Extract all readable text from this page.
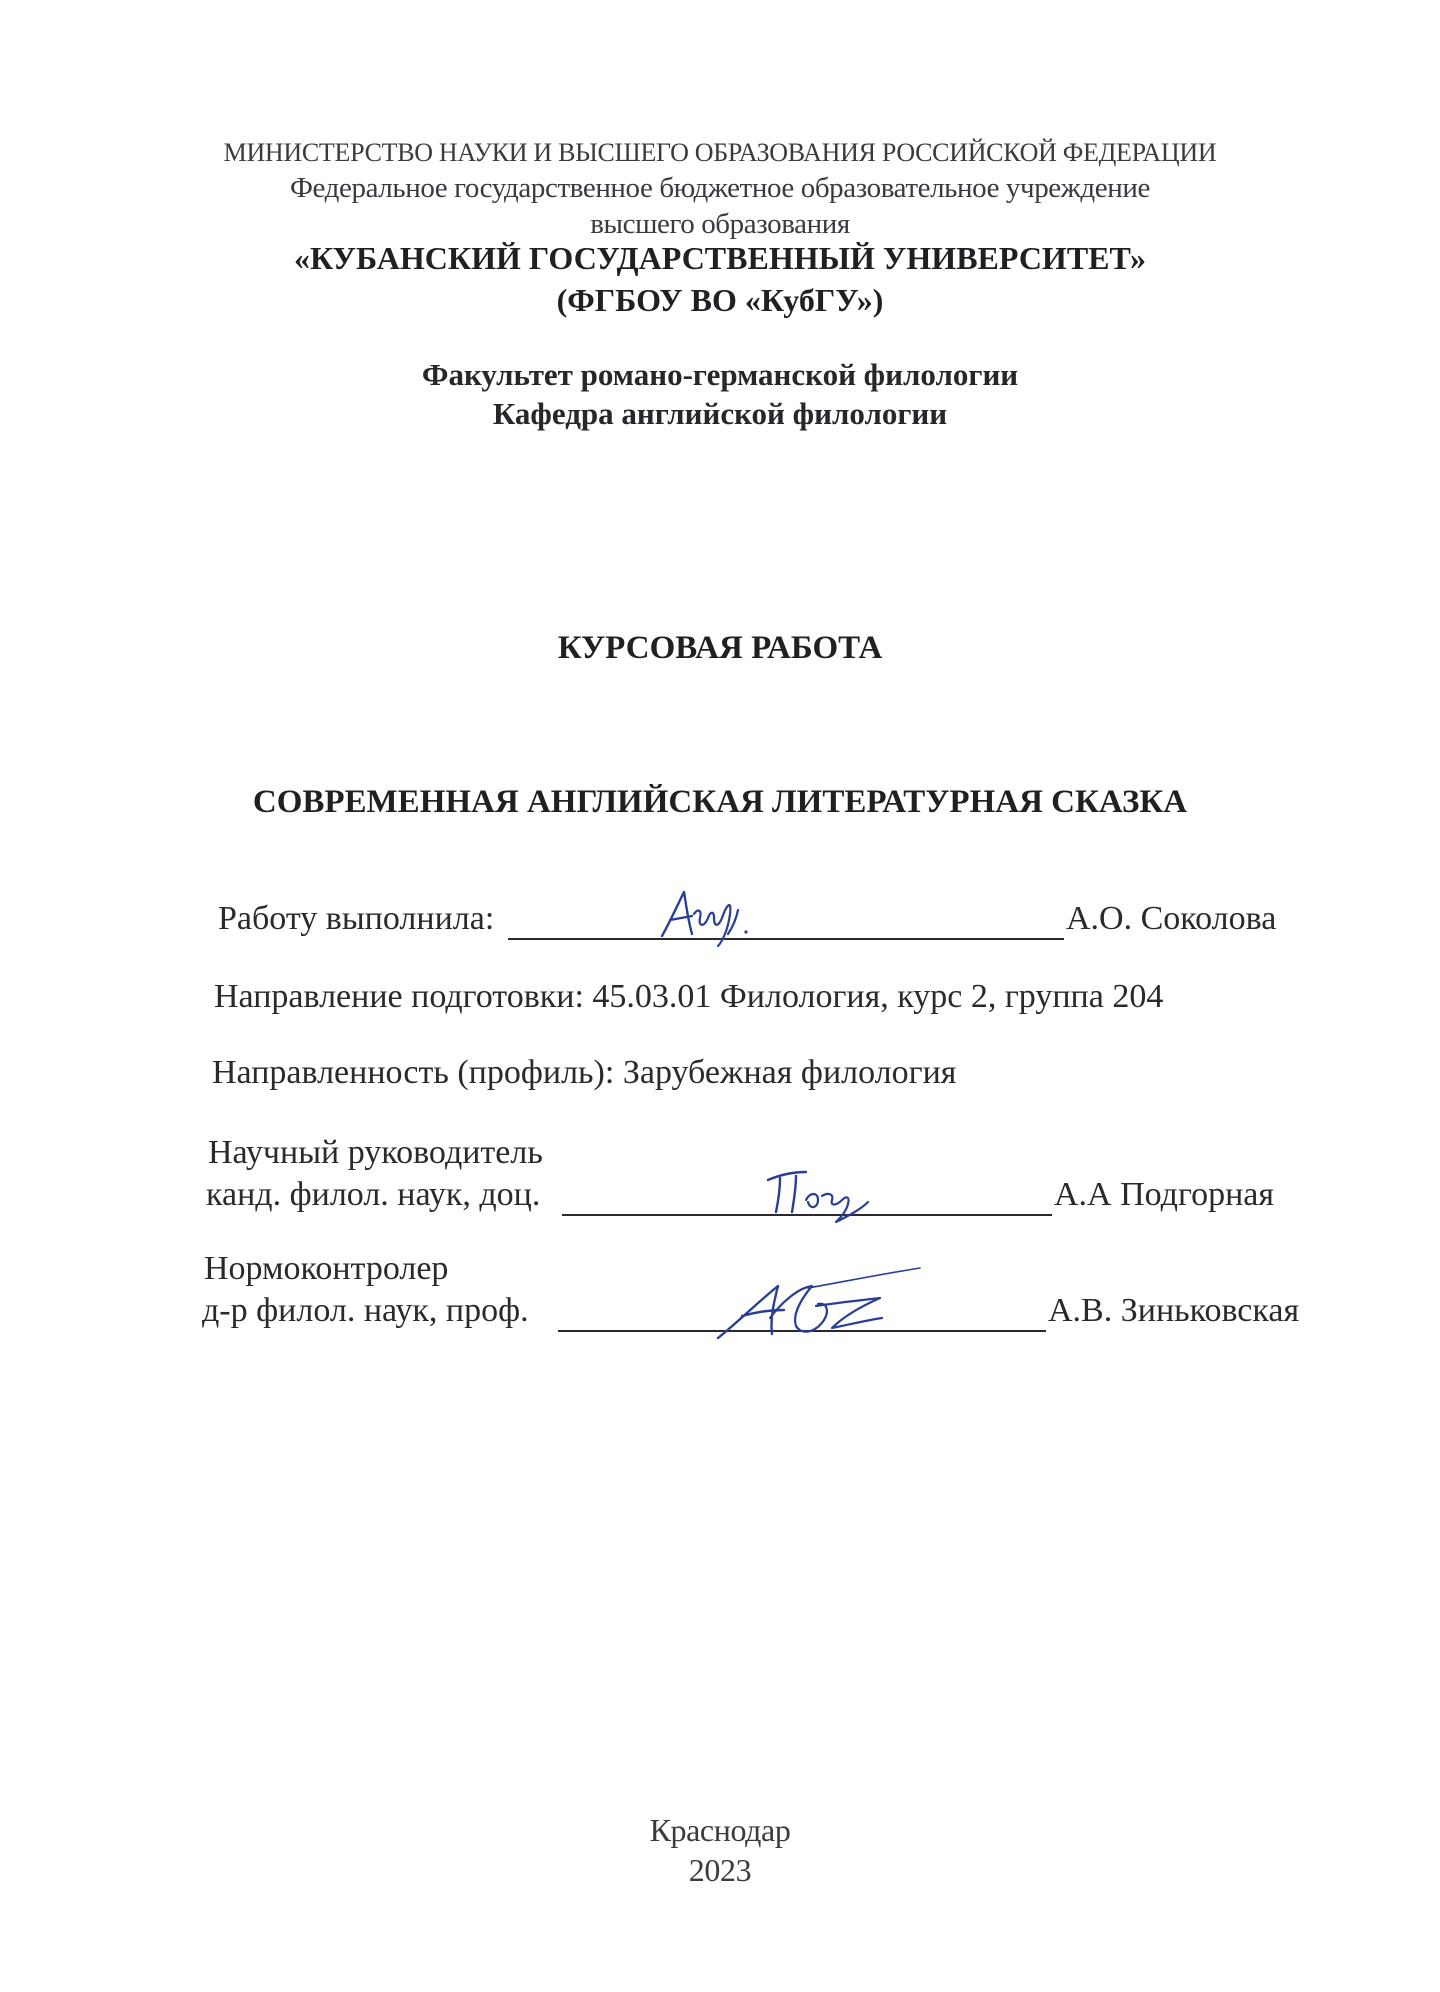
МИНИСТЕРСТВО НАУКИ И ВЫСШЕГО ОБРАЗОВАНИЯ РОССИЙСКОЙ ФЕДЕРАЦИИ
Федеральное государственное бюджетное образовательное учреждение
высшего образования
«КУБАНСКИЙ ГОСУДАРСТВЕННЫЙ УНИВЕРСИТЕТ»
(ФГБОУ ВО «КубГУ»)
Факультет романо-германской филологии
Кафедра английской филологии
КУРСОВАЯ РАБОТА
СОВРЕМЕННАЯ АНГЛИЙСКАЯ ЛИТЕРАТУРНАЯ СКАЗКА
Работу выполнила:	А.О. Соколова
Направление подготовки: 45.03.01 Филология, курс 2, группа 204
Направленность (профиль): Зарубежная филология
Научный руководитель
канд. филол. наук, доц.	А.А Подгорная
Нормоконтролер
д-р филол. наук, проф.	А.В. Зиньковская
Краснодар
2023
